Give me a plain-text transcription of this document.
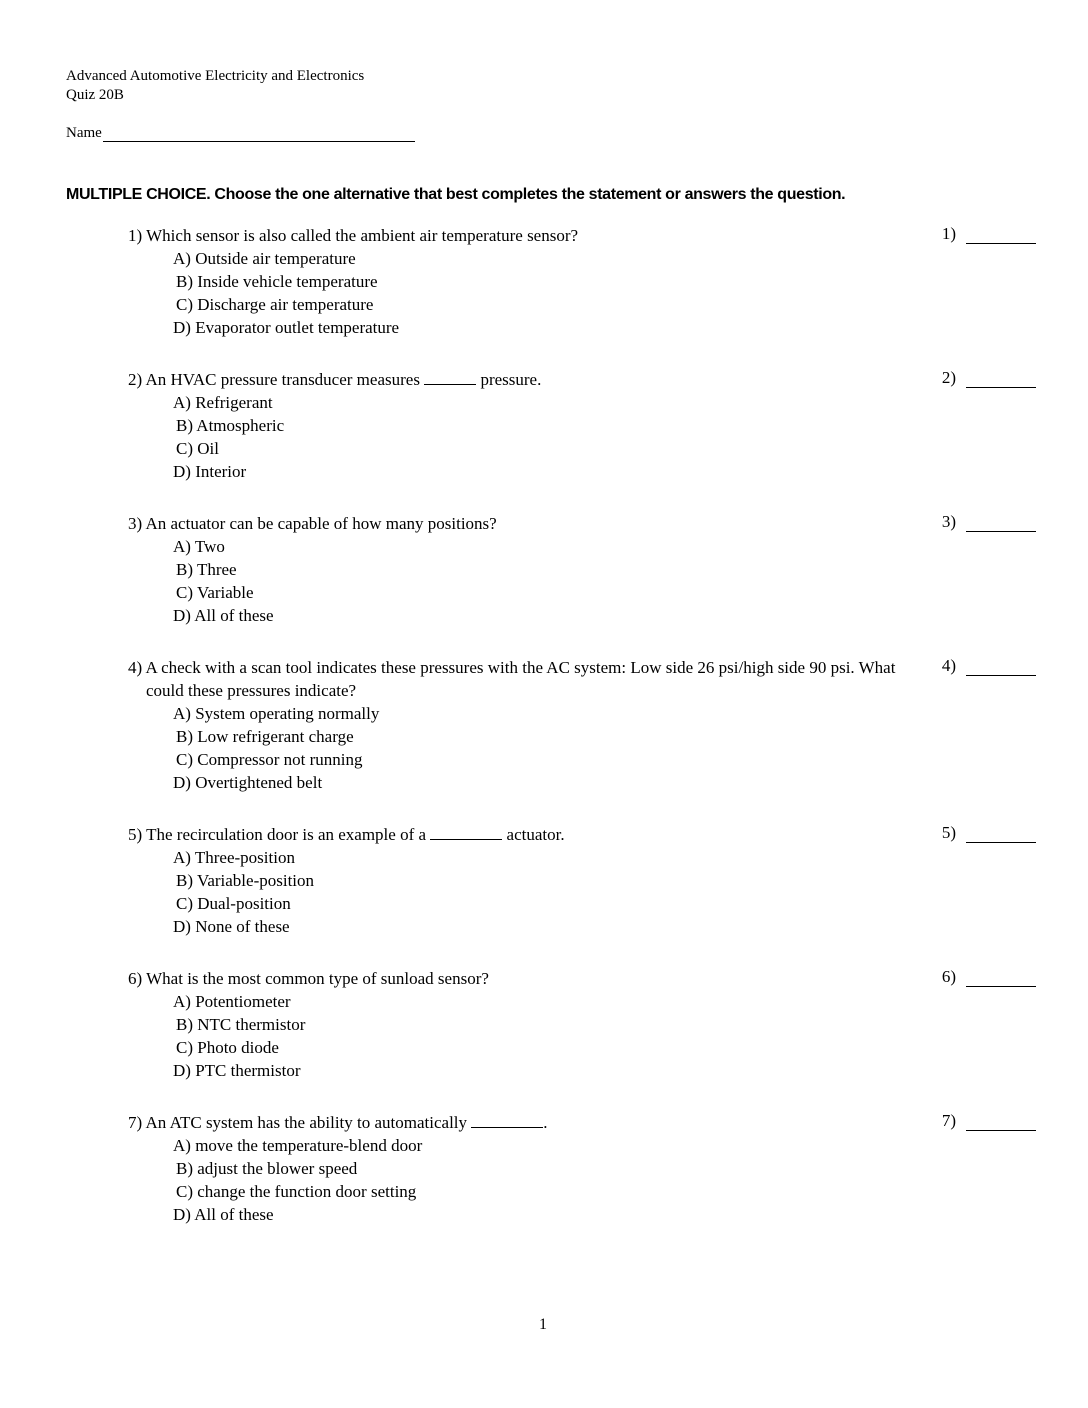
Advanced Automotive Electricity and Electronics
Quiz 20B
Name
MULTIPLE CHOICE. Choose the one alternative that best completes the statement or answers the question.
1) Which sensor is also called the ambient air temperature sensor?
A) Outside air temperature
B) Inside vehicle temperature
C) Discharge air temperature
D) Evaporator outlet temperature
1)
2) An HVAC pressure transducer measures	pressure.
A) Refrigerant
B) Atmospheric
C) Oil
D) Interior
2)
3) An actuator can be capable of how many positions?
A) Two
B) Three
C) Variable
D) All of these
3)
4) A check with a scan tool indicates these pressures with the AC system: Low side 26 psi/high side 90 psi. What could these pressures indicate?
A) System operating normally
B) Low refrigerant charge
C) Compressor not running
D) Overtightened belt
4)
5) The recirculation door is an example of a	actuator.
A) Three-position
B) Variable-position
C) Dual-position
D) None of these
5)
6) What is the most common type of sunload sensor?
A) Potentiometer
B) NTC thermistor
C) Photo diode
D) PTC thermistor
6)
7) An ATC system has the ability to automatically	.
A) move the temperature-blend door
B) adjust the blower speed
C) change the function door setting
D) All of these
7)
1
